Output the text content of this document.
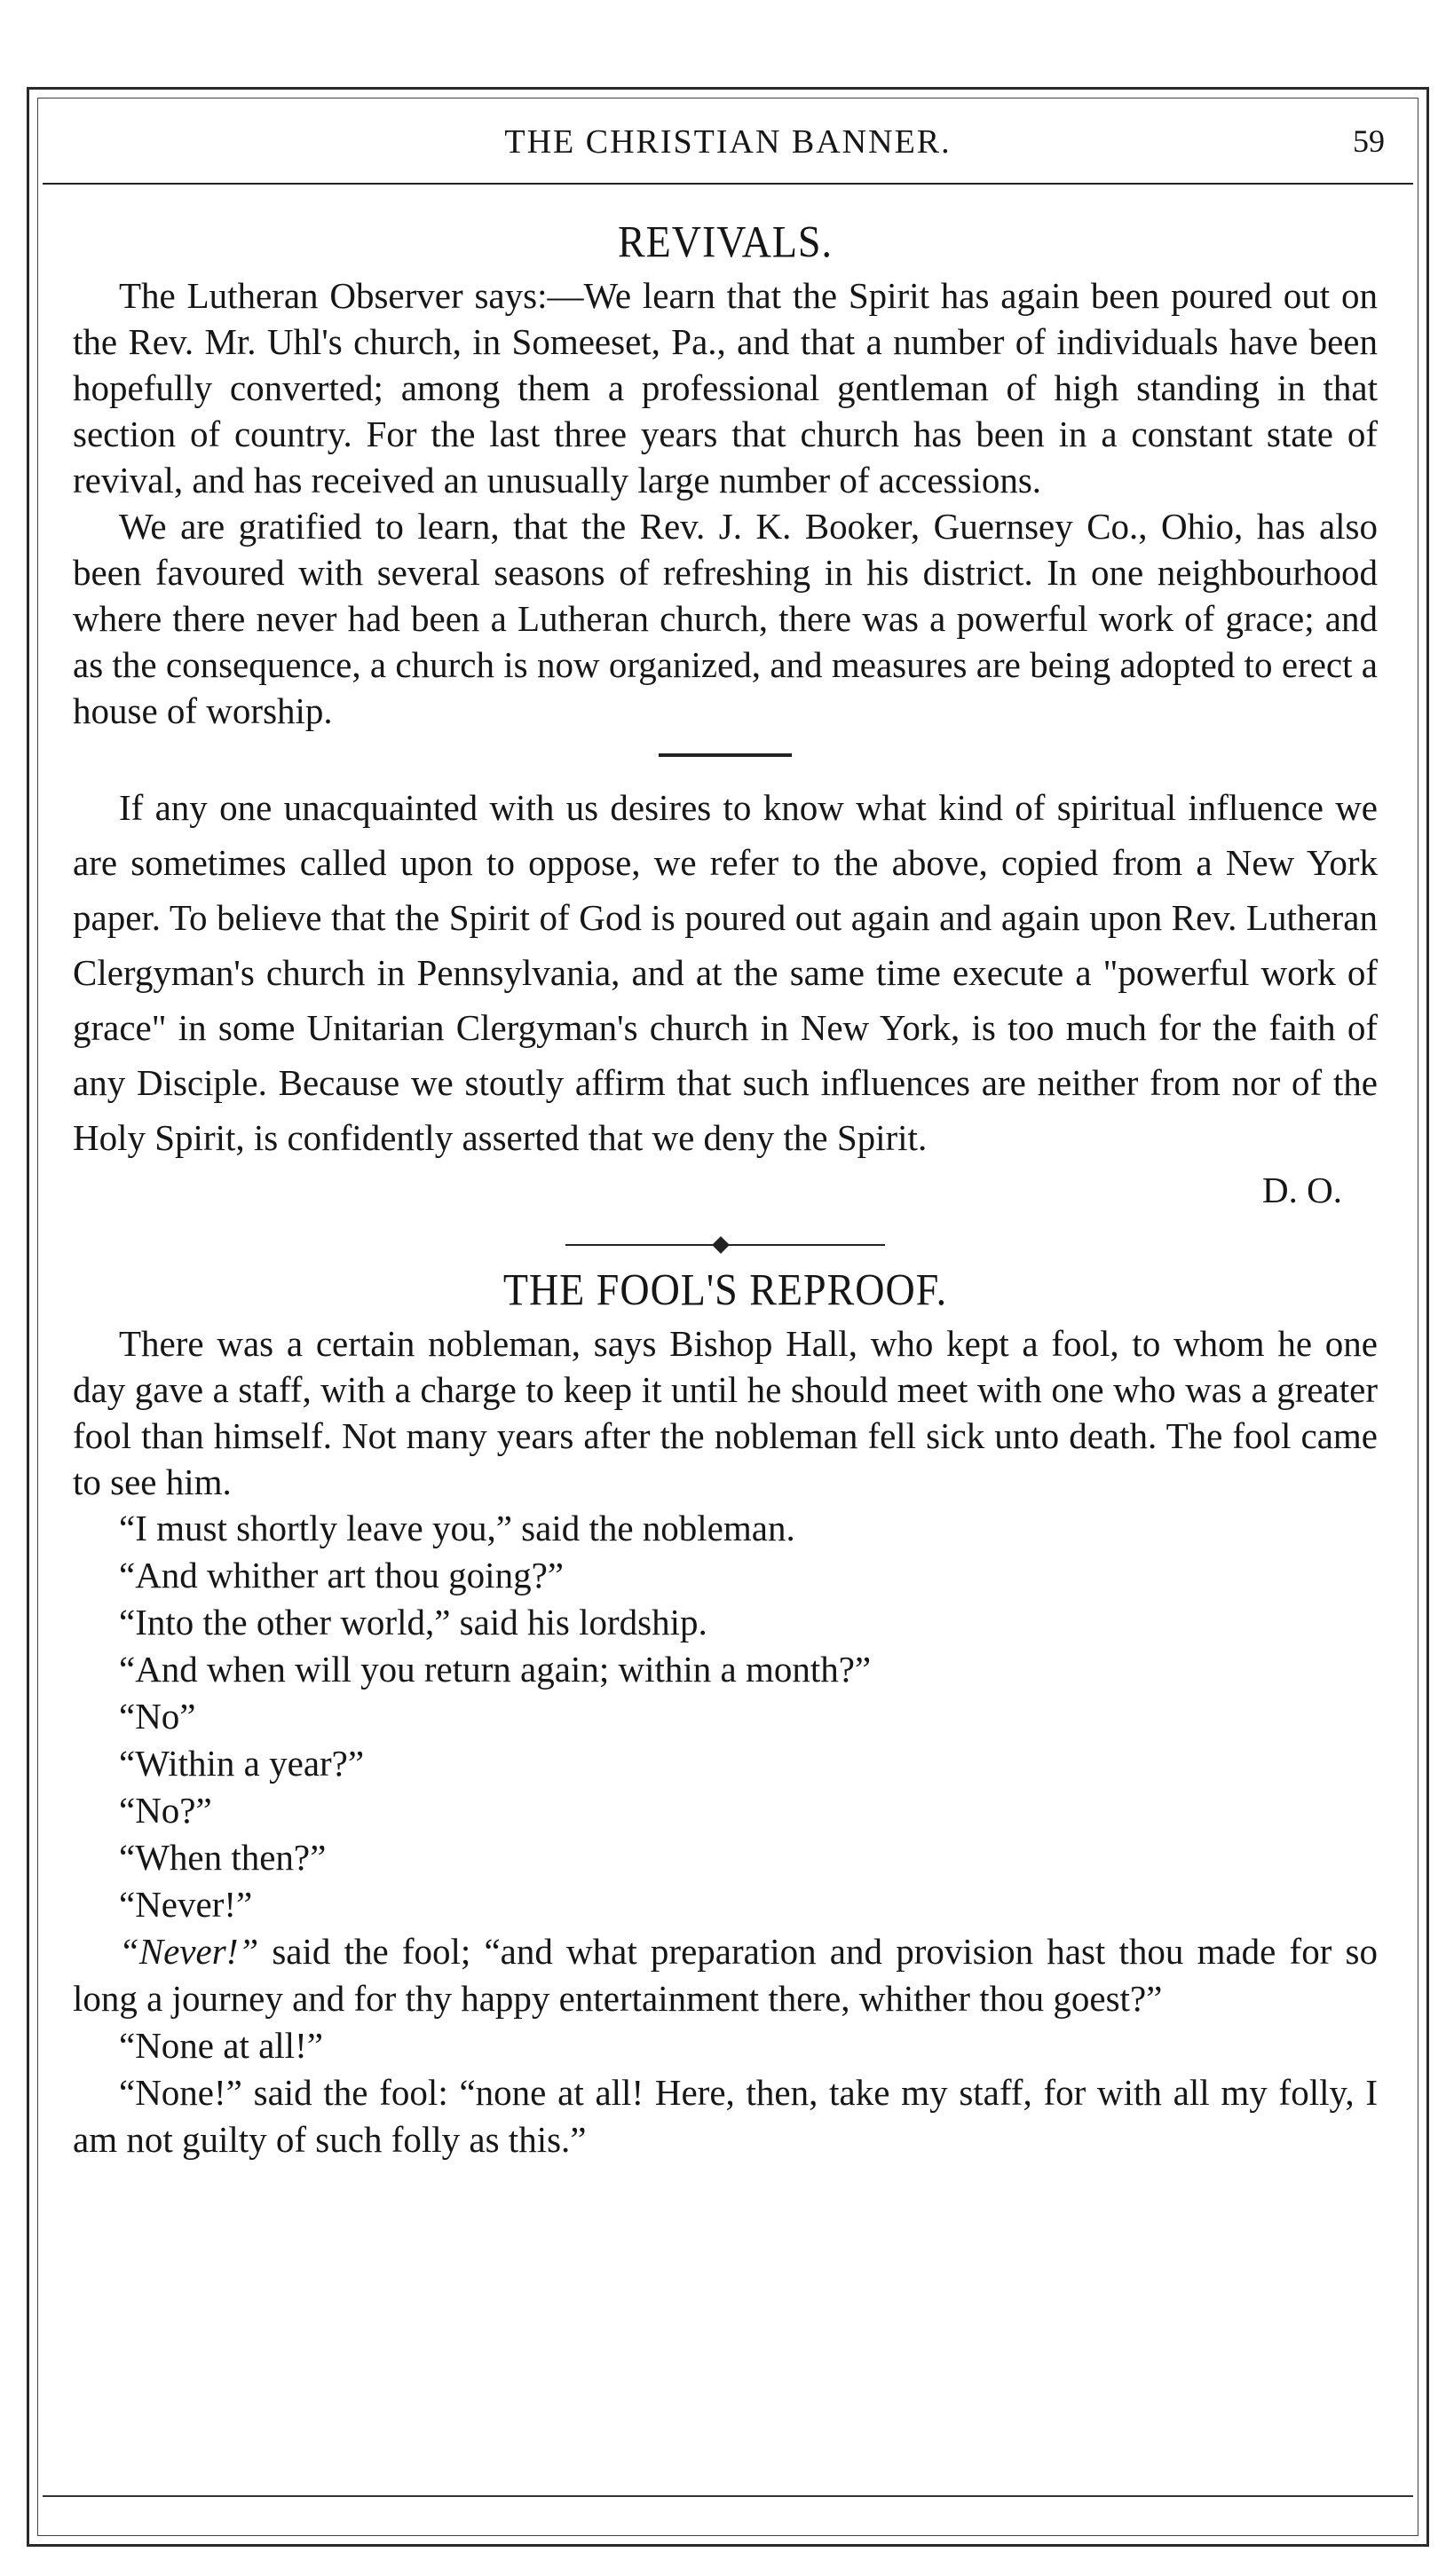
THE CHRISTIAN BANNER.	59
REVIVALS.

The Lutheran Observer says:—We learn that the Spirit has again been poured out on the Rev. Mr. Uhl's church, in Someeset, Pa., and that a number of individuals have been hopefully converted; among them a professional gentleman of high standing in that section of country. For the last three years that church has been in a constant state of revival, and has received an unusually large number of accessions.

We are gratified to learn, that the Rev. J. K. Booker, Guernsey Co., Ohio, has also been favoured with several seasons of refreshing in his district. In one neighbourhood where there never had been a Lutheran church, there was a powerful work of grace; and as the consequence, a church is now organized, and measures are being adopted to erect a house of worship.

If any one unacquainted with us desires to know what kind of spiritual influence we are sometimes called upon to oppose, we refer to the above, copied from a New York paper. To believe that the Spirit of God is poured out again and again upon Rev. Lutheran Clergyman's church in Pennsylvania, and at the same time execute a "powerful work of grace" in some Unitarian Clergyman's church in New York, is too much for the faith of any Disciple. Because we stoutly affirm that such influences are neither from nor of the Holy Spirit, is confidently asserted that we deny the Spirit.

D. O.
THE FOOL'S REPROOF.

There was a certain nobleman, says Bishop Hall, who kept a fool, to whom he one day gave a staff, with a charge to keep it until he should meet with one who was a greater fool than himself. Not many years after the nobleman fell sick unto death. The fool came to see him.

“I must shortly leave you,” said the nobleman.

“And whither art thou going?”

“Into the other world,” said his lordship.

“And when will you return again; within a month?”

“No”

“Within a year?”

“No?”

“When then?”

“Never!”

“Never!” said the fool; “and what preparation and provision hast thou made for so long a journey and for thy happy entertainment there, whither thou goest?”

“None at all!”

“None!” said the fool: “none at all! Here, then, take my staff, for with all my folly, I am not guilty of such folly as this.”
